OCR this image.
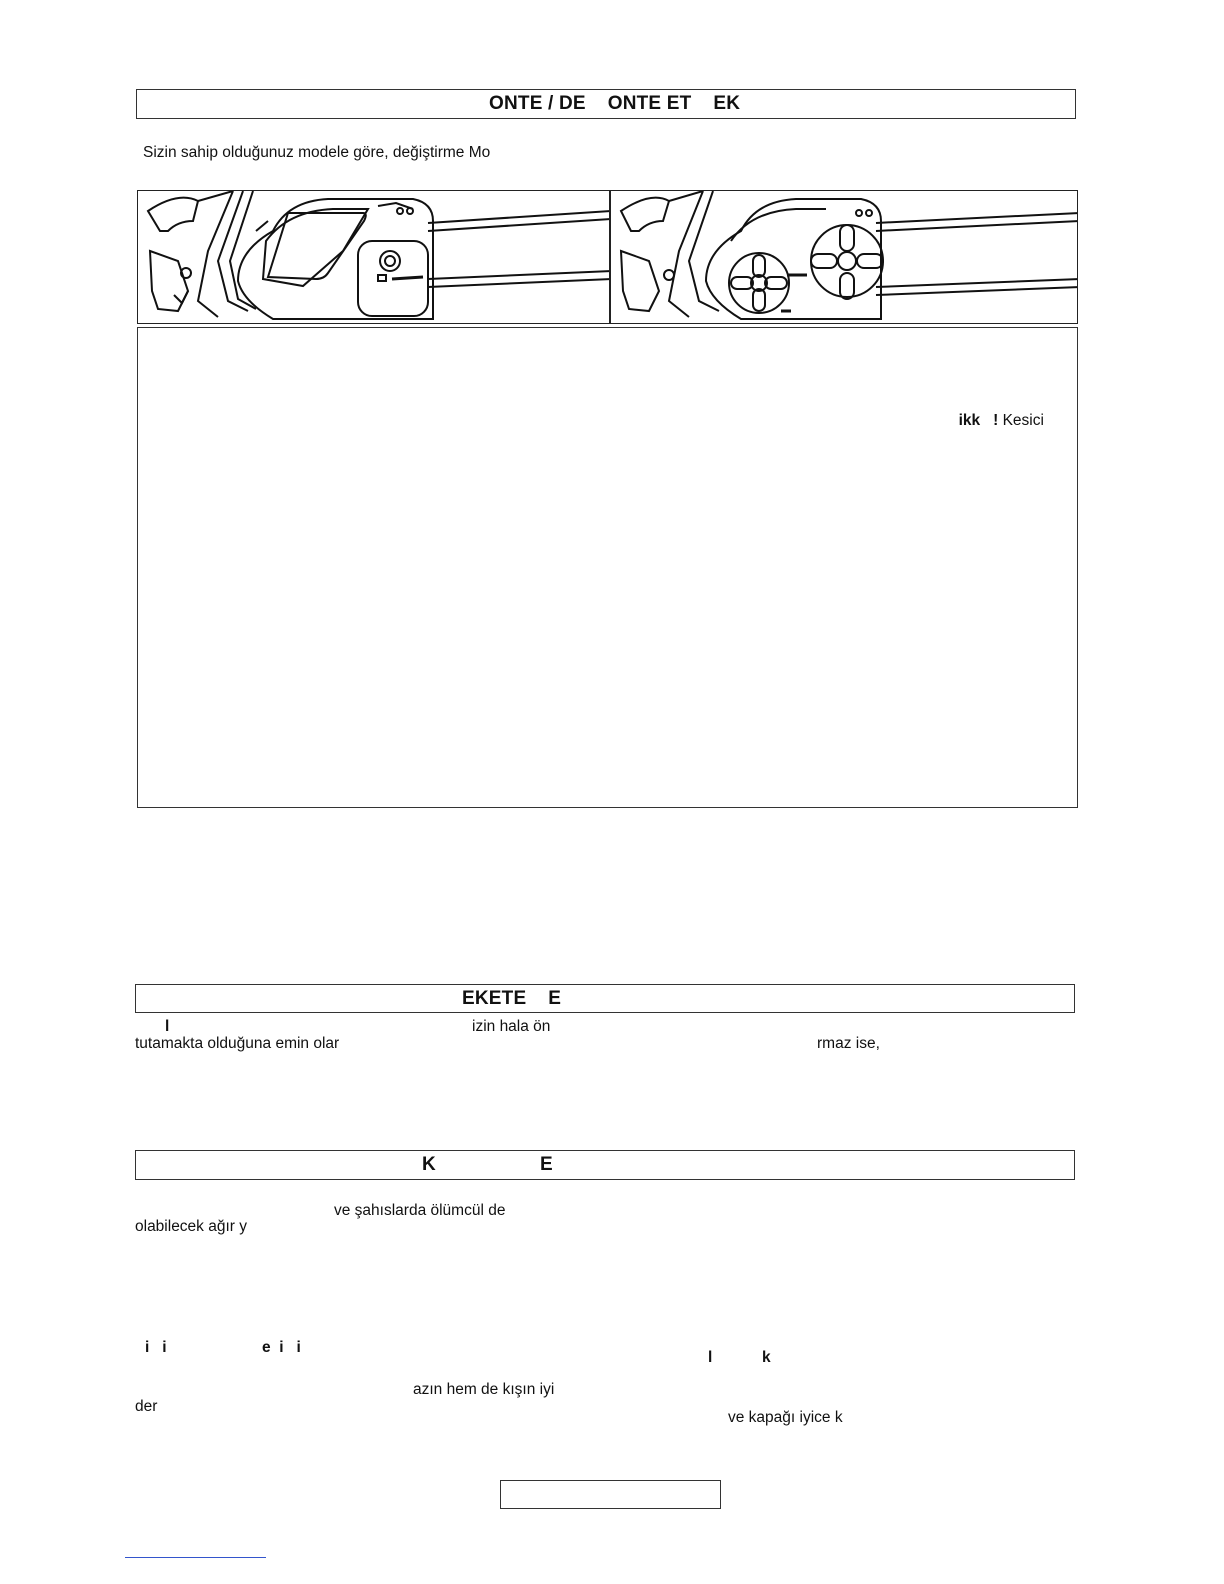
ONTE / DE    ONTE ET    EK
Sizin sahip olduğunuz modele göre, değiştirme Mo

ikk   ! Kesici

EKETE    E
l	izin hala ön
tutamakta olduğuna emin olar	rmaz ise,
K	E
ve şahıslarda ölümcül de
olabilecek ağır y
i   i	e  i   i
l	k
azın hem de kışın iyi
der
ve kapağı iyice k
